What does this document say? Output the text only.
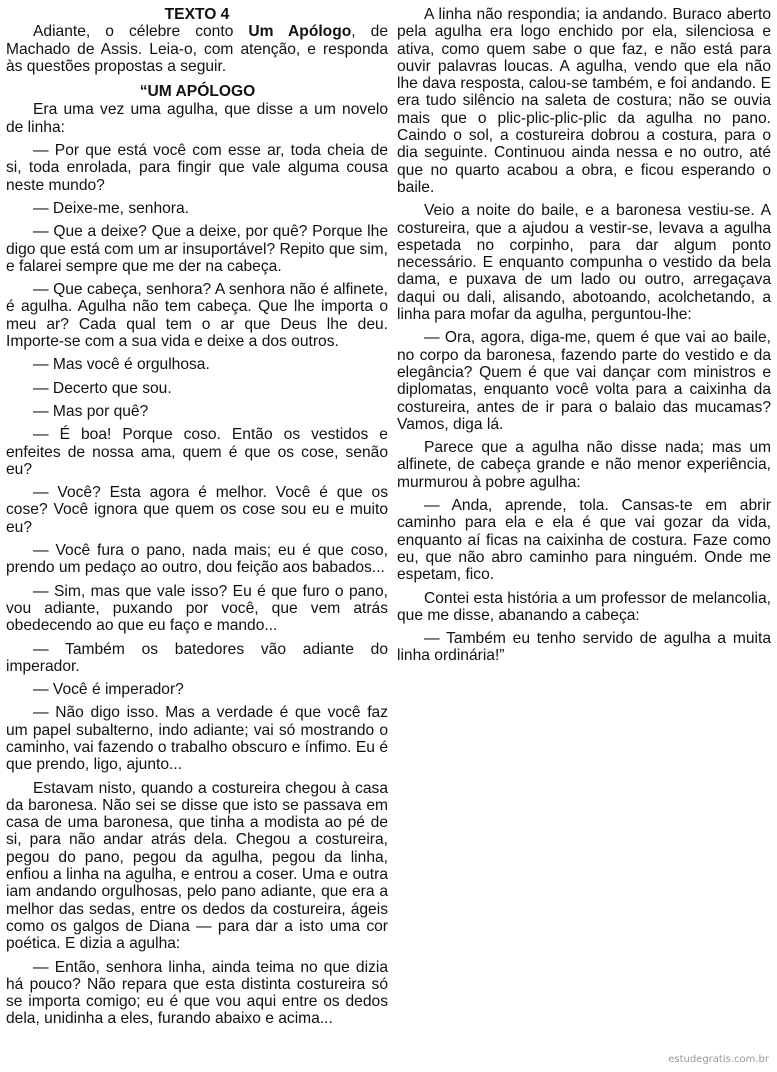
TEXTO 4

Adiante, o célebre conto Um Apólogo, de Machado de Assis. Leia-o, com atenção, e responda às questões propostas a seguir.

“UM APÓLOGO

Era uma vez uma agulha, que disse a um novelo de linha:

— Por que está você com esse ar, toda cheia de si, toda enrolada, para fingir que vale alguma cousa neste mundo?

— Deixe-me, senhora.

— Que a deixe? Que a deixe, por quê? Porque lhe digo que está com um ar insuportável? Repito que sim, e falarei sempre que me der na cabeça.

— Que cabeça, senhora? A senhora não é alfinete, é agulha. Agulha não tem cabeça. Que lhe importa o meu ar? Cada qual tem o ar que Deus lhe deu. Importe-se com a sua vida e deixe a dos outros.

— Mas você é orgulhosa.

— Decerto que sou.

— Mas por quê?

— É boa! Porque coso. Então os vestidos e enfeites de nossa ama, quem é que os cose, senão eu?

— Você? Esta agora é melhor. Você é que os cose? Você ignora que quem os cose sou eu e muito eu?

— Você fura o pano, nada mais; eu é que coso, prendo um pedaço ao outro, dou feição aos babados...

— Sim, mas que vale isso? Eu é que furo o pano, vou adiante, puxando por você, que vem atrás obedecendo ao que eu faço e mando...

— Também os batedores vão adiante do imperador.

— Você é imperador?

— Não digo isso. Mas a verdade é que você faz um papel subalterno, indo adiante; vai só mostrando o caminho, vai fazendo o trabalho obscuro e ínfimo. Eu é que prendo, ligo, ajunto...

Estavam nisto, quando a costureira chegou à casa da baronesa. Não sei se disse que isto se passava em casa de uma baronesa, que tinha a modista ao pé de si, para não andar atrás dela. Chegou a costureira, pegou do pano, pegou da agulha, pegou da linha, enfiou a linha na agulha, e entrou a coser. Uma e outra iam andando orgulhosas, pelo pano adiante, que era a melhor das sedas, entre os dedos da costureira, ágeis como os galgos de Diana — para dar a isto uma cor poética. E dizia a agulha:

— Então, senhora linha, ainda teima no que dizia há pouco? Não repara que esta distinta costureira só se importa comigo; eu é que vou aqui entre os dedos dela, unidinha a eles, furando abaixo e acima...

A linha não respondia; ia andando. Buraco aberto pela agulha era logo enchido por ela, silenciosa e ativa, como quem sabe o que faz, e não está para ouvir palavras loucas. A agulha, vendo que ela não lhe dava resposta, calou-se também, e foi andando. E era tudo silêncio na saleta de costura; não se ouvia mais que o plic-plic-plic-plic da agulha no pano. Caindo o sol, a costureira dobrou a costura, para o dia seguinte. Continuou ainda nessa e no outro, até que no quarto acabou a obra, e ficou esperando o baile.

Veio a noite do baile, e a baronesa vestiu-se. A costureira, que a ajudou a vestir-se, levava a agulha espetada no corpinho, para dar algum ponto necessário. E enquanto compunha o vestido da bela dama, e puxava de um lado ou outro, arregaçava daqui ou dali, alisando, abotoando, acolchetando, a linha para mofar da agulha, perguntou-lhe:

— Ora, agora, diga-me, quem é que vai ao baile, no corpo da baronesa, fazendo parte do vestido e da elegância? Quem é que vai dançar com ministros e diplomatas, enquanto você volta para a caixinha da costureira, antes de ir para o balaio das mucamas? Vamos, diga lá.

Parece que a agulha não disse nada; mas um alfinete, de cabeça grande e não menor experiência, murmurou à pobre agulha:

— Anda, aprende, tola. Cansas-te em abrir caminho para ela e ela é que vai gozar da vida, enquanto aí ficas na caixinha de costura. Faze como eu, que não abro caminho para ninguém. Onde me espetam, fico.

Contei esta história a um professor de melancolia, que me disse, abanando a cabeça:

— Também eu tenho servido de agulha a muita linha ordinária!”

estudegratis.com.br
